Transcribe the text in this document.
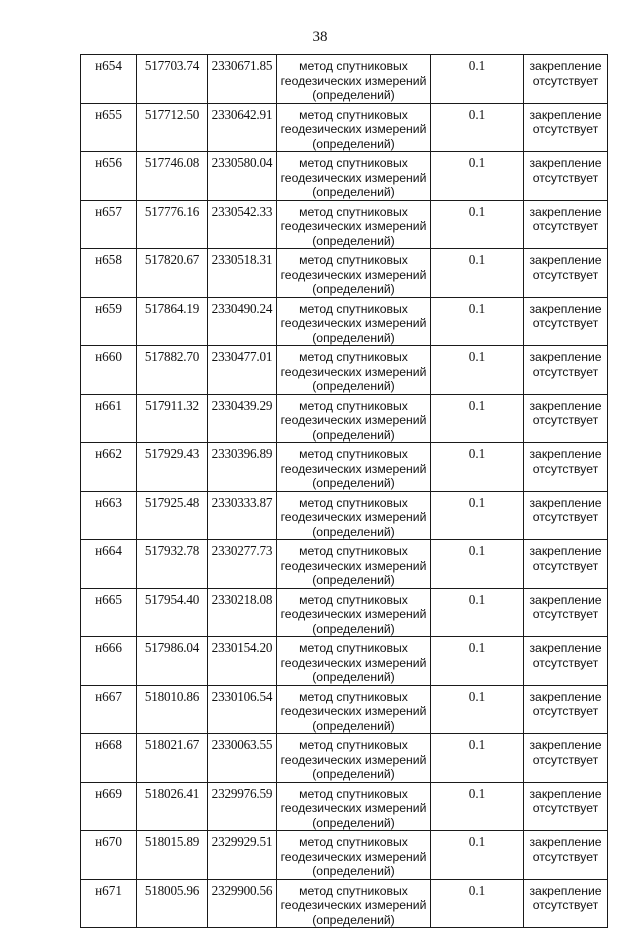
38
н654	517703.74	2330671.85	метод спутниковых геодезических измерений (определений)	0.1	закрепление отсутствует
н655	517712.50	2330642.91	метод спутниковых геодезических измерений (определений)	0.1	закрепление отсутствует
н656	517746.08	2330580.04	метод спутниковых геодезических измерений (определений)	0.1	закрепление отсутствует
н657	517776.16	2330542.33	метод спутниковых геодезических измерений (определений)	0.1	закрепление отсутствует
н658	517820.67	2330518.31	метод спутниковых геодезических измерений (определений)	0.1	закрепление отсутствует
н659	517864.19	2330490.24	метод спутниковых геодезических измерений (определений)	0.1	закрепление отсутствует
н660	517882.70	2330477.01	метод спутниковых геодезических измерений (определений)	0.1	закрепление отсутствует
н661	517911.32	2330439.29	метод спутниковых геодезических измерений (определений)	0.1	закрепление отсутствует
н662	517929.43	2330396.89	метод спутниковых геодезических измерений (определений)	0.1	закрепление отсутствует
н663	517925.48	2330333.87	метод спутниковых геодезических измерений (определений)	0.1	закрепление отсутствует
н664	517932.78	2330277.73	метод спутниковых геодезических измерений (определений)	0.1	закрепление отсутствует
н665	517954.40	2330218.08	метод спутниковых геодезических измерений (определений)	0.1	закрепление отсутствует
н666	517986.04	2330154.20	метод спутниковых геодезических измерений (определений)	0.1	закрепление отсутствует
н667	518010.86	2330106.54	метод спутниковых геодезических измерений (определений)	0.1	закрепление отсутствует
н668	518021.67	2330063.55	метод спутниковых геодезических измерений (определений)	0.1	закрепление отсутствует
н669	518026.41	2329976.59	метод спутниковых геодезических измерений (определений)	0.1	закрепление отсутствует
н670	518015.89	2329929.51	метод спутниковых геодезических измерений (определений)	0.1	закрепление отсутствует
н671	518005.96	2329900.56	метод спутниковых геодезических измерений (определений)	0.1	закрепление отсутствует
